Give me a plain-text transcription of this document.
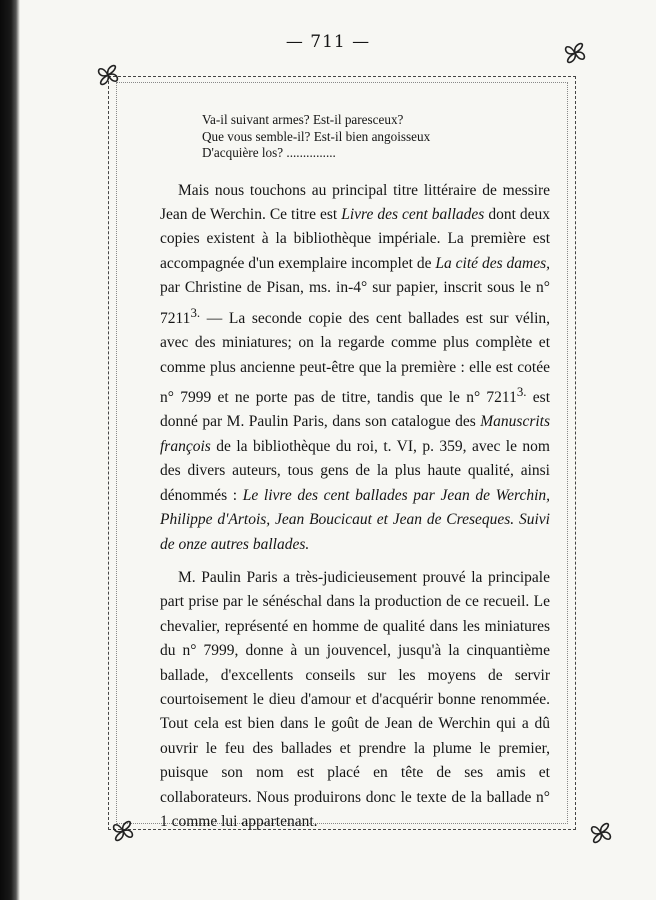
— 711 —
Va-il suivant armes? Est-il paresceux?
Que vous semble-il? Est-il bien angoisseux
D'acquière los? ...............

Mais nous touchons au principal titre littéraire de messire Jean de Werchin. Ce titre est Livre des cent ballades dont deux copies existent à la bibliothèque impériale. La première est accompagnée d'un exemplaire incomplet de La cité des dames, par Christine de Pisan, ms. in-4° sur papier, inscrit sous le n° $7211^{3.}$ — La seconde copie des cent ballades est sur vélin, avec des miniatures; on la regarde comme plus complète et comme plus ancienne peut-être que la première : elle est cotée n° 7999 et ne porte pas de titre, tandis que le n° $7211^{3.}$ est donné par M. Paulin Paris, dans son catalogue des Manuscrits françois de la bibliothèque du roi, t. VI, p. 359, avec le nom des divers auteurs, tous gens de la plus haute qualité, ainsi dénommés : Le livre des cent ballades par Jean de Werchin, Philippe d'Artois, Jean Boucicaut et Jean de Creseques. Suivi de onze autres ballades.

M. Paulin Paris a très-judicieusement prouvé la principale part prise par le sénéschal dans la production de ce recueil. Le chevalier, représenté en homme de qualité dans les miniatures du n° 7999, donne à un jouvencel, jusqu'à la cinquantième ballade, d'excellents conseils sur les moyens de servir courtoisement le dieu d'amour et d'acquérir bonne renommée. Tout cela est bien dans le goût de Jean de Werchin qui a dû ouvrir le feu des ballades et prendre la plume le premier, puisque son nom est placé en tête de ses amis et collaborateurs. Nous produirons donc le texte de la ballade n° 1 comme lui appartenant.
